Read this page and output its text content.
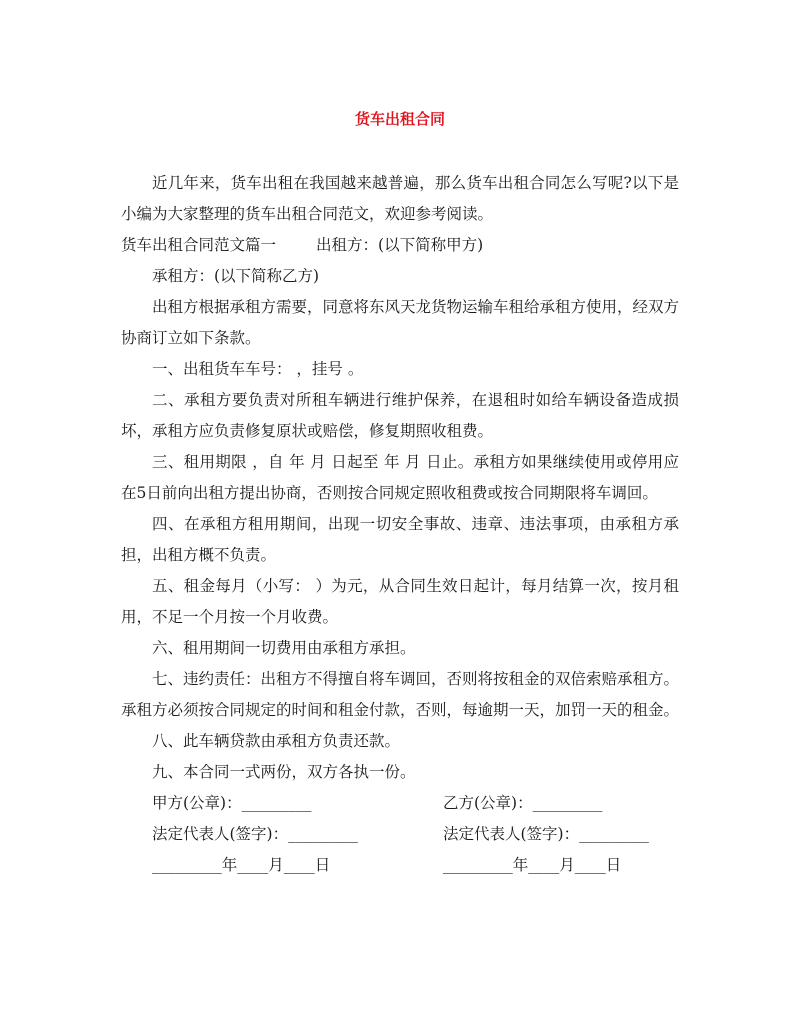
货车出租合同

近几年来，货车出租在我国越来越普遍，那么货车出租合同怎么写呢?以下是小编为大家整理的货车出租合同范文，欢迎参考阅读。

货车出租合同范文篇一	出租方：(以下简称甲方)

承租方：(以下简称乙方)

出租方根据承租方需要，同意将东风天龙货物运输车租给承租方使用，经双方协商订立如下条款。

一、出租货车车号： ，挂号 。

二、承租方要负责对所租车辆进行维护保养，在退租时如给车辆设备造成损坏，承租方应负责修复原状或赔偿，修复期照收租费。

三、租用期限 ，自 年 月 日起至 年 月 日止。承租方如果继续使用或停用应在5日前向出租方提出协商，否则按合同规定照收租费或按合同期限将车调回。

四、在承租方租用期间，出现一切安全事故、违章、违法事项，由承租方承担，出租方概不负责。

五、租金每月（小写： ）为元，从合同生效日起计，每月结算一次，按月租用，不足一个月按一个月收费。

六、租用期间一切费用由承租方承担。

七、违约责任：出租方不得擅自将车调回，否则将按租金的双倍索赔承租方。承租方必须按合同规定的时间和租金付款，否则，每逾期一天，加罚一天的租金。

八、此车辆贷款由承租方负责还款。

九、本合同一式两份，双方各执一份。

甲方(公章)：_________	乙方(公章)：_________
法定代表人(签字)：_________	法定代表人(签字)：_________
_________年____月____日	_________年____月____日
